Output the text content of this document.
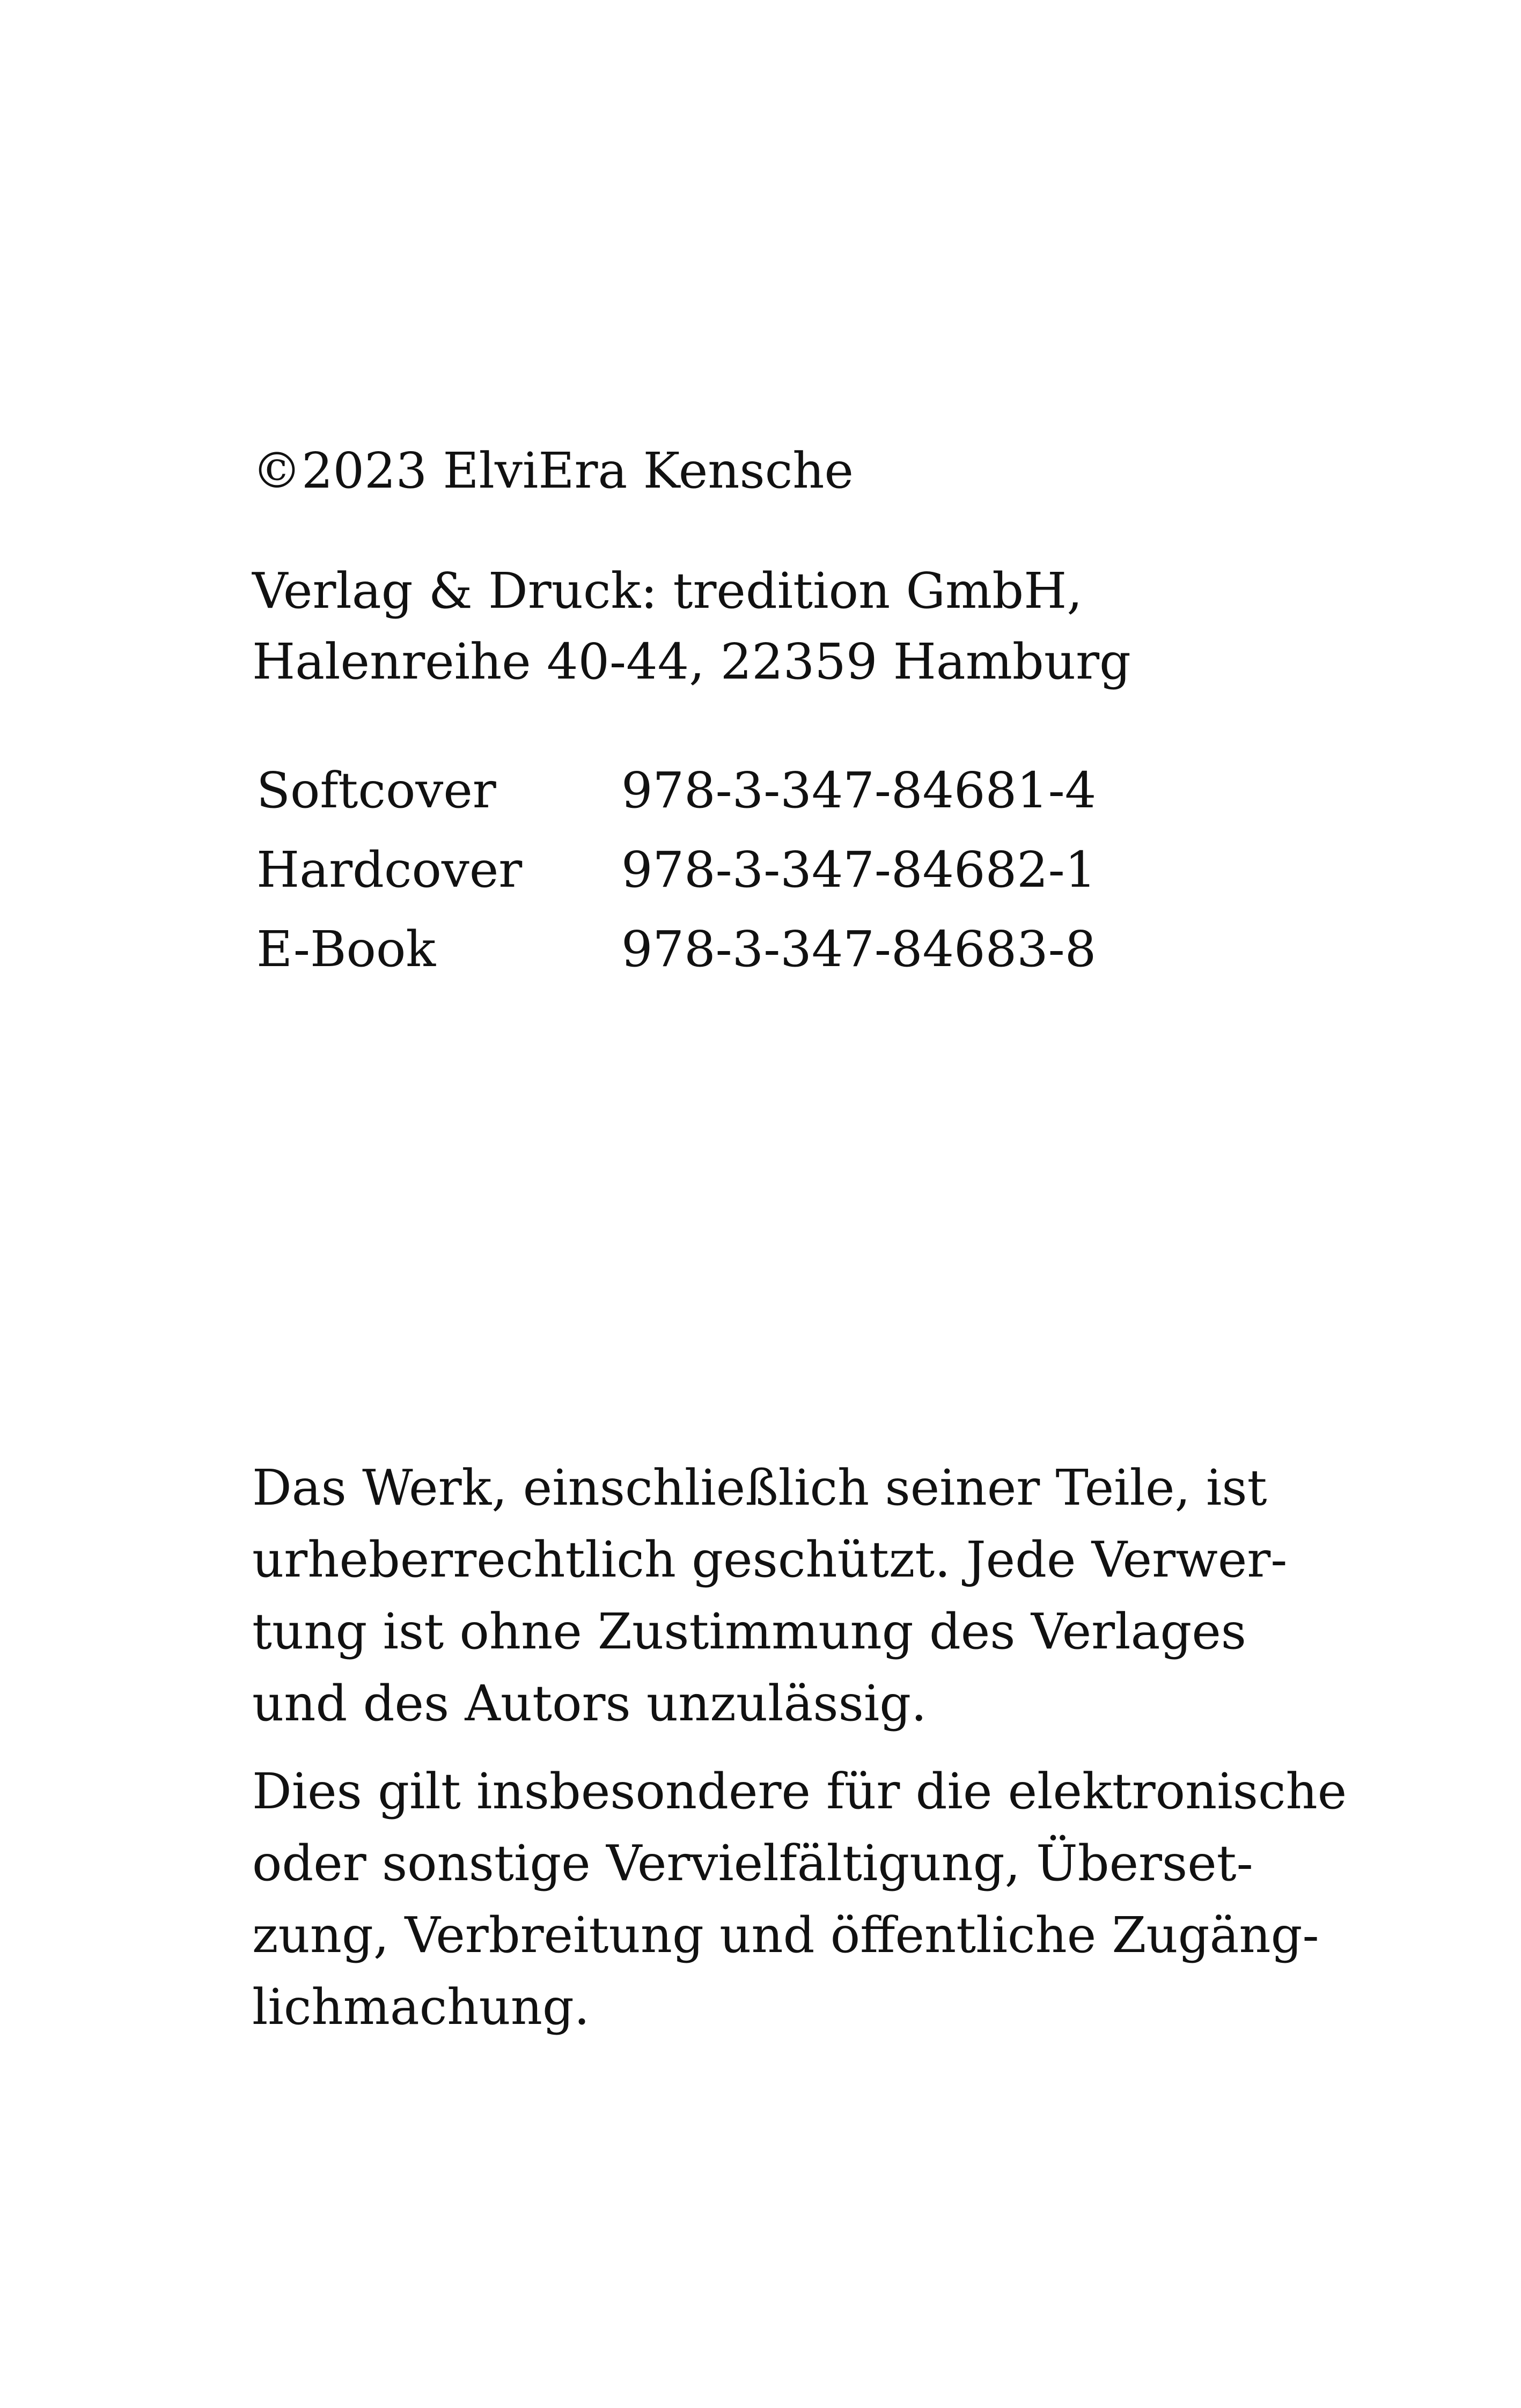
©2023 ElviEra Kensche
Verlag & Druck: tredition GmbH,
Halenreihe 40-44, 22359 Hamburg
Softcover	978-3-347-84681-4
Hardcover 978-3-347-84682-1
E-Book	978-3-347-84683-8
Das Werk, einschließlich seiner Teile, ist
urheberrechtlich geschützt. Jede Verwer-
tung ist ohne Zustimmung des Verlages
und des Autors unzulässig.
Dies gilt insbesondere für die elektronische
oder sonstige Vervielfältigung, Überset-
zung, Verbreitung und öffentliche Zugäng-
lichmachung.
